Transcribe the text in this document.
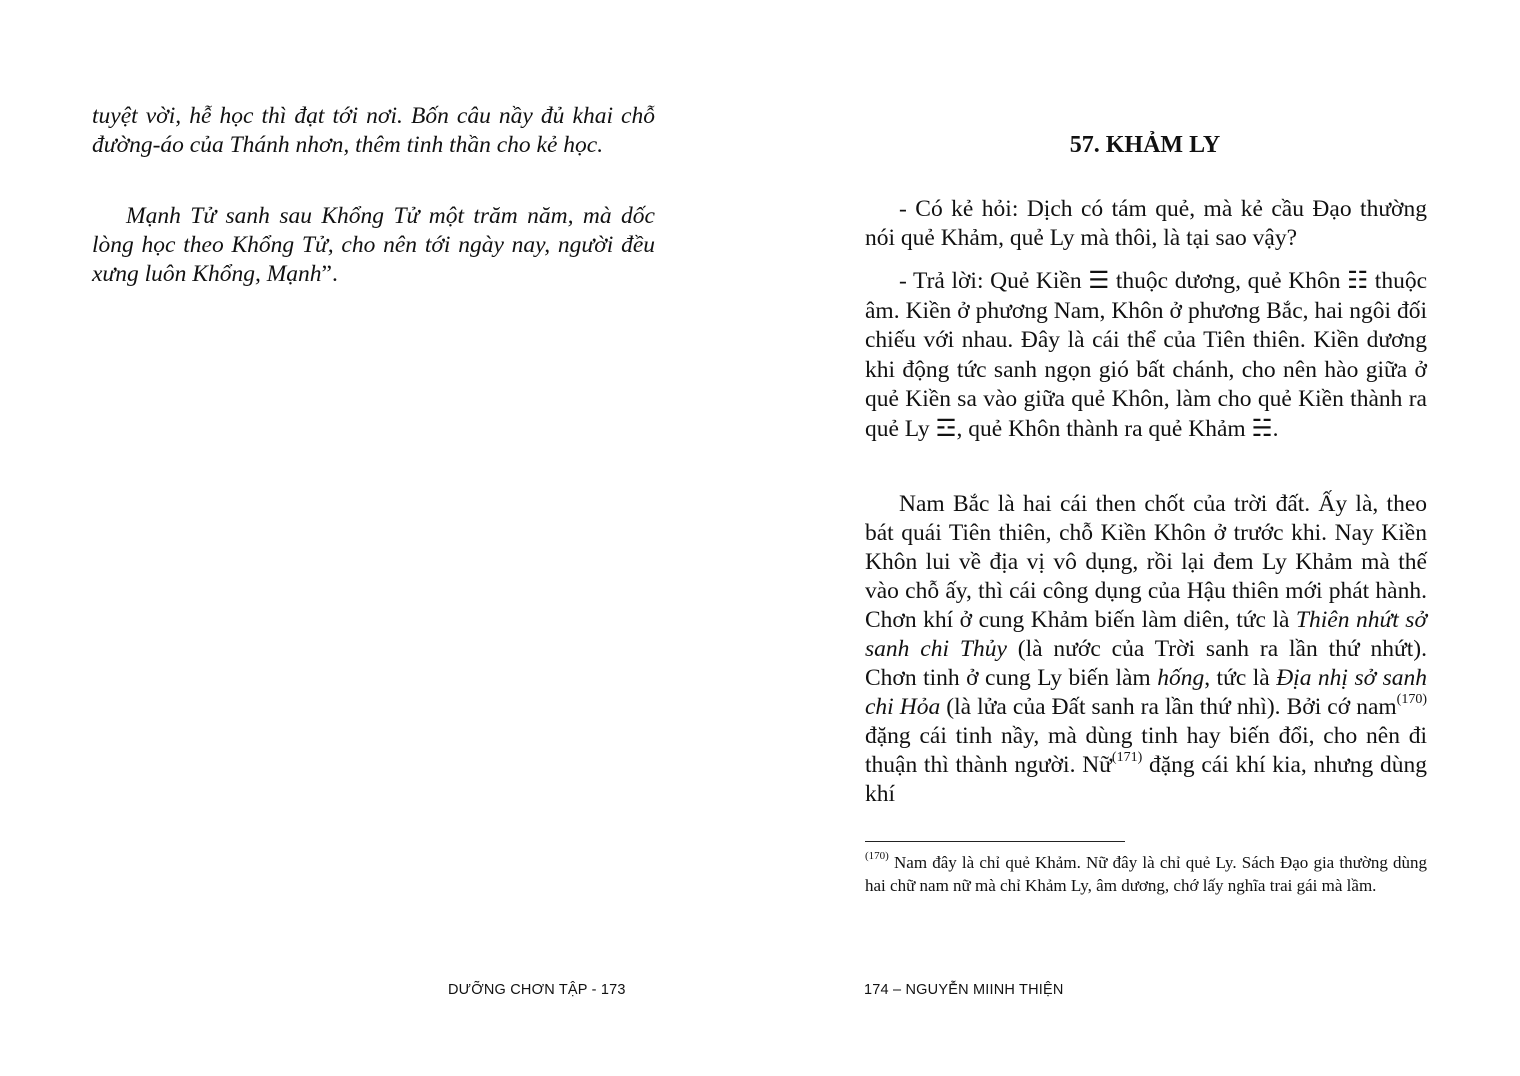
tuyệt vời, hễ học thì đạt tới nơi. Bốn câu nầy đủ khai chỗ đường-áo của Thánh nhơn, thêm tinh thần cho kẻ học.

Mạnh Tử sanh sau Khổng Tử một trăm năm, mà dốc lòng học theo Khổng Tử, cho nên tới ngày nay, người đều xưng luôn Khổng, Mạnh”.

57. KHẢM LY

- Có kẻ hỏi: Dịch có tám quẻ, mà kẻ cầu Đạo thường nói quẻ Khảm, quẻ Ly mà thôi, là tại sao vậy?

- Trả lời: Quẻ Kiền ☰ thuộc dương, quẻ Khôn ☷ thuộc âm. Kiền ở phương Nam, Khôn ở phương Bắc, hai ngôi đối chiếu với nhau. Đây là cái thể của Tiên thiên. Kiền dương khi động tức sanh ngọn gió bất chánh, cho nên hào giữa ở quẻ Kiền sa vào giữa quẻ Khôn, làm cho quẻ Kiền thành ra quẻ Ly ☲, quẻ Khôn thành ra quẻ Khảm ☵.

Nam Bắc là hai cái then chốt của trời đất. Ấy là, theo bát quái Tiên thiên, chỗ Kiền Khôn ở trước khi. Nay Kiền Khôn lui về địa vị vô dụng, rồi lại đem Ly Khảm mà thế vào chỗ ấy, thì cái công dụng của Hậu thiên mới phát hành. Chơn khí ở cung Khảm biến làm diên, tức là Thiên nhứt sở sanh chi Thủy (là nước của Trời sanh ra lần thứ nhứt). Chơn tinh ở cung Ly biến làm hống, tức là Địa nhị sở sanh chi Hỏa (là lửa của Đất sanh ra lần thứ nhì). Bởi cớ nam$^{(170)}$ đặng cái tinh nầy, mà dùng tinh hay biến đổi, cho nên đi thuận thì thành người. Nữ$^{(171)}$ đặng cái khí kia, nhưng dùng khí

$^{(170)}$ Nam đây là chỉ quẻ Khảm. Nữ đây là chỉ quẻ Ly. Sách Đạo gia thường dùng hai chữ nam nữ mà chỉ Khảm Ly, âm dương, chớ lấy nghĩa trai gái mà lầm.

DƯỠNG CHƠN TẬP - 173	174 – NGUYỄN MIINH THIỆN
